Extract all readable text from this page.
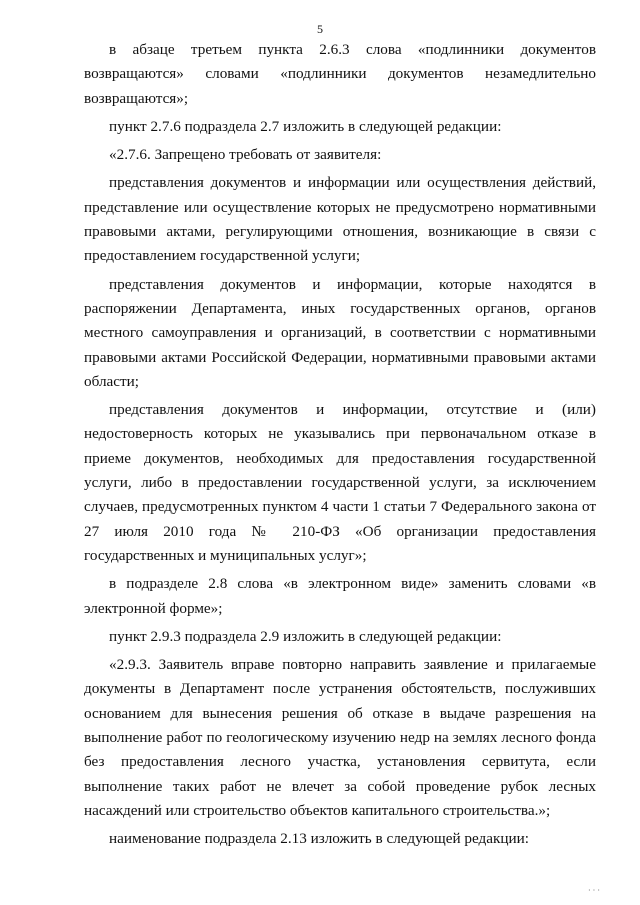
5

в абзаце третьем пункта 2.6.3 слова «подлинники документов возвращаются» словами «подлинники документов незамедлительно возвращаются»;

пункт 2.7.6 подраздела 2.7 изложить в следующей редакции:

«2.7.6. Запрещено требовать от заявителя:

представления документов и информации или осуществления действий, представление или осуществление которых не предусмотрено нормативными правовыми актами, регулирующими отношения, возникающие в связи с предоставлением государственной услуги;

представления документов и информации, которые находятся в распоряжении Департамента, иных государственных органов, органов местного самоуправления и организаций, в соответствии с нормативными правовыми актами Российской Федерации, нормативными правовыми актами области;

представления документов и информации, отсутствие и (или) недостоверность которых не указывались при первоначальном отказе в приеме документов, необходимых для предоставления государственной услуги, либо в предоставлении государственной услуги, за исключением случаев, предусмотренных пунктом 4 части 1 статьи 7 Федерального закона от 27 июля 2010 года № 210-ФЗ «Об организации предоставления государственных и муниципальных услуг»;

в подразделе 2.8 слова «в электронном виде» заменить словами «в электронной форме»;

пункт 2.9.3 подраздела 2.9 изложить в следующей редакции:

«2.9.3. Заявитель вправе повторно направить заявление и прилагаемые документы в Департамент после устранения обстоятельств, послуживших основанием для вынесения решения об отказе в выдаче разрешения на выполнение работ по геологическому изучению недр на землях лесного фонда без предоставления лесного участка, установления сервитута, если выполнение таких работ не влечет за собой проведение рубок лесных насаждений или строительство объектов капитального строительства.»;

наименование подраздела 2.13 изложить в следующей редакции:

· · ·
